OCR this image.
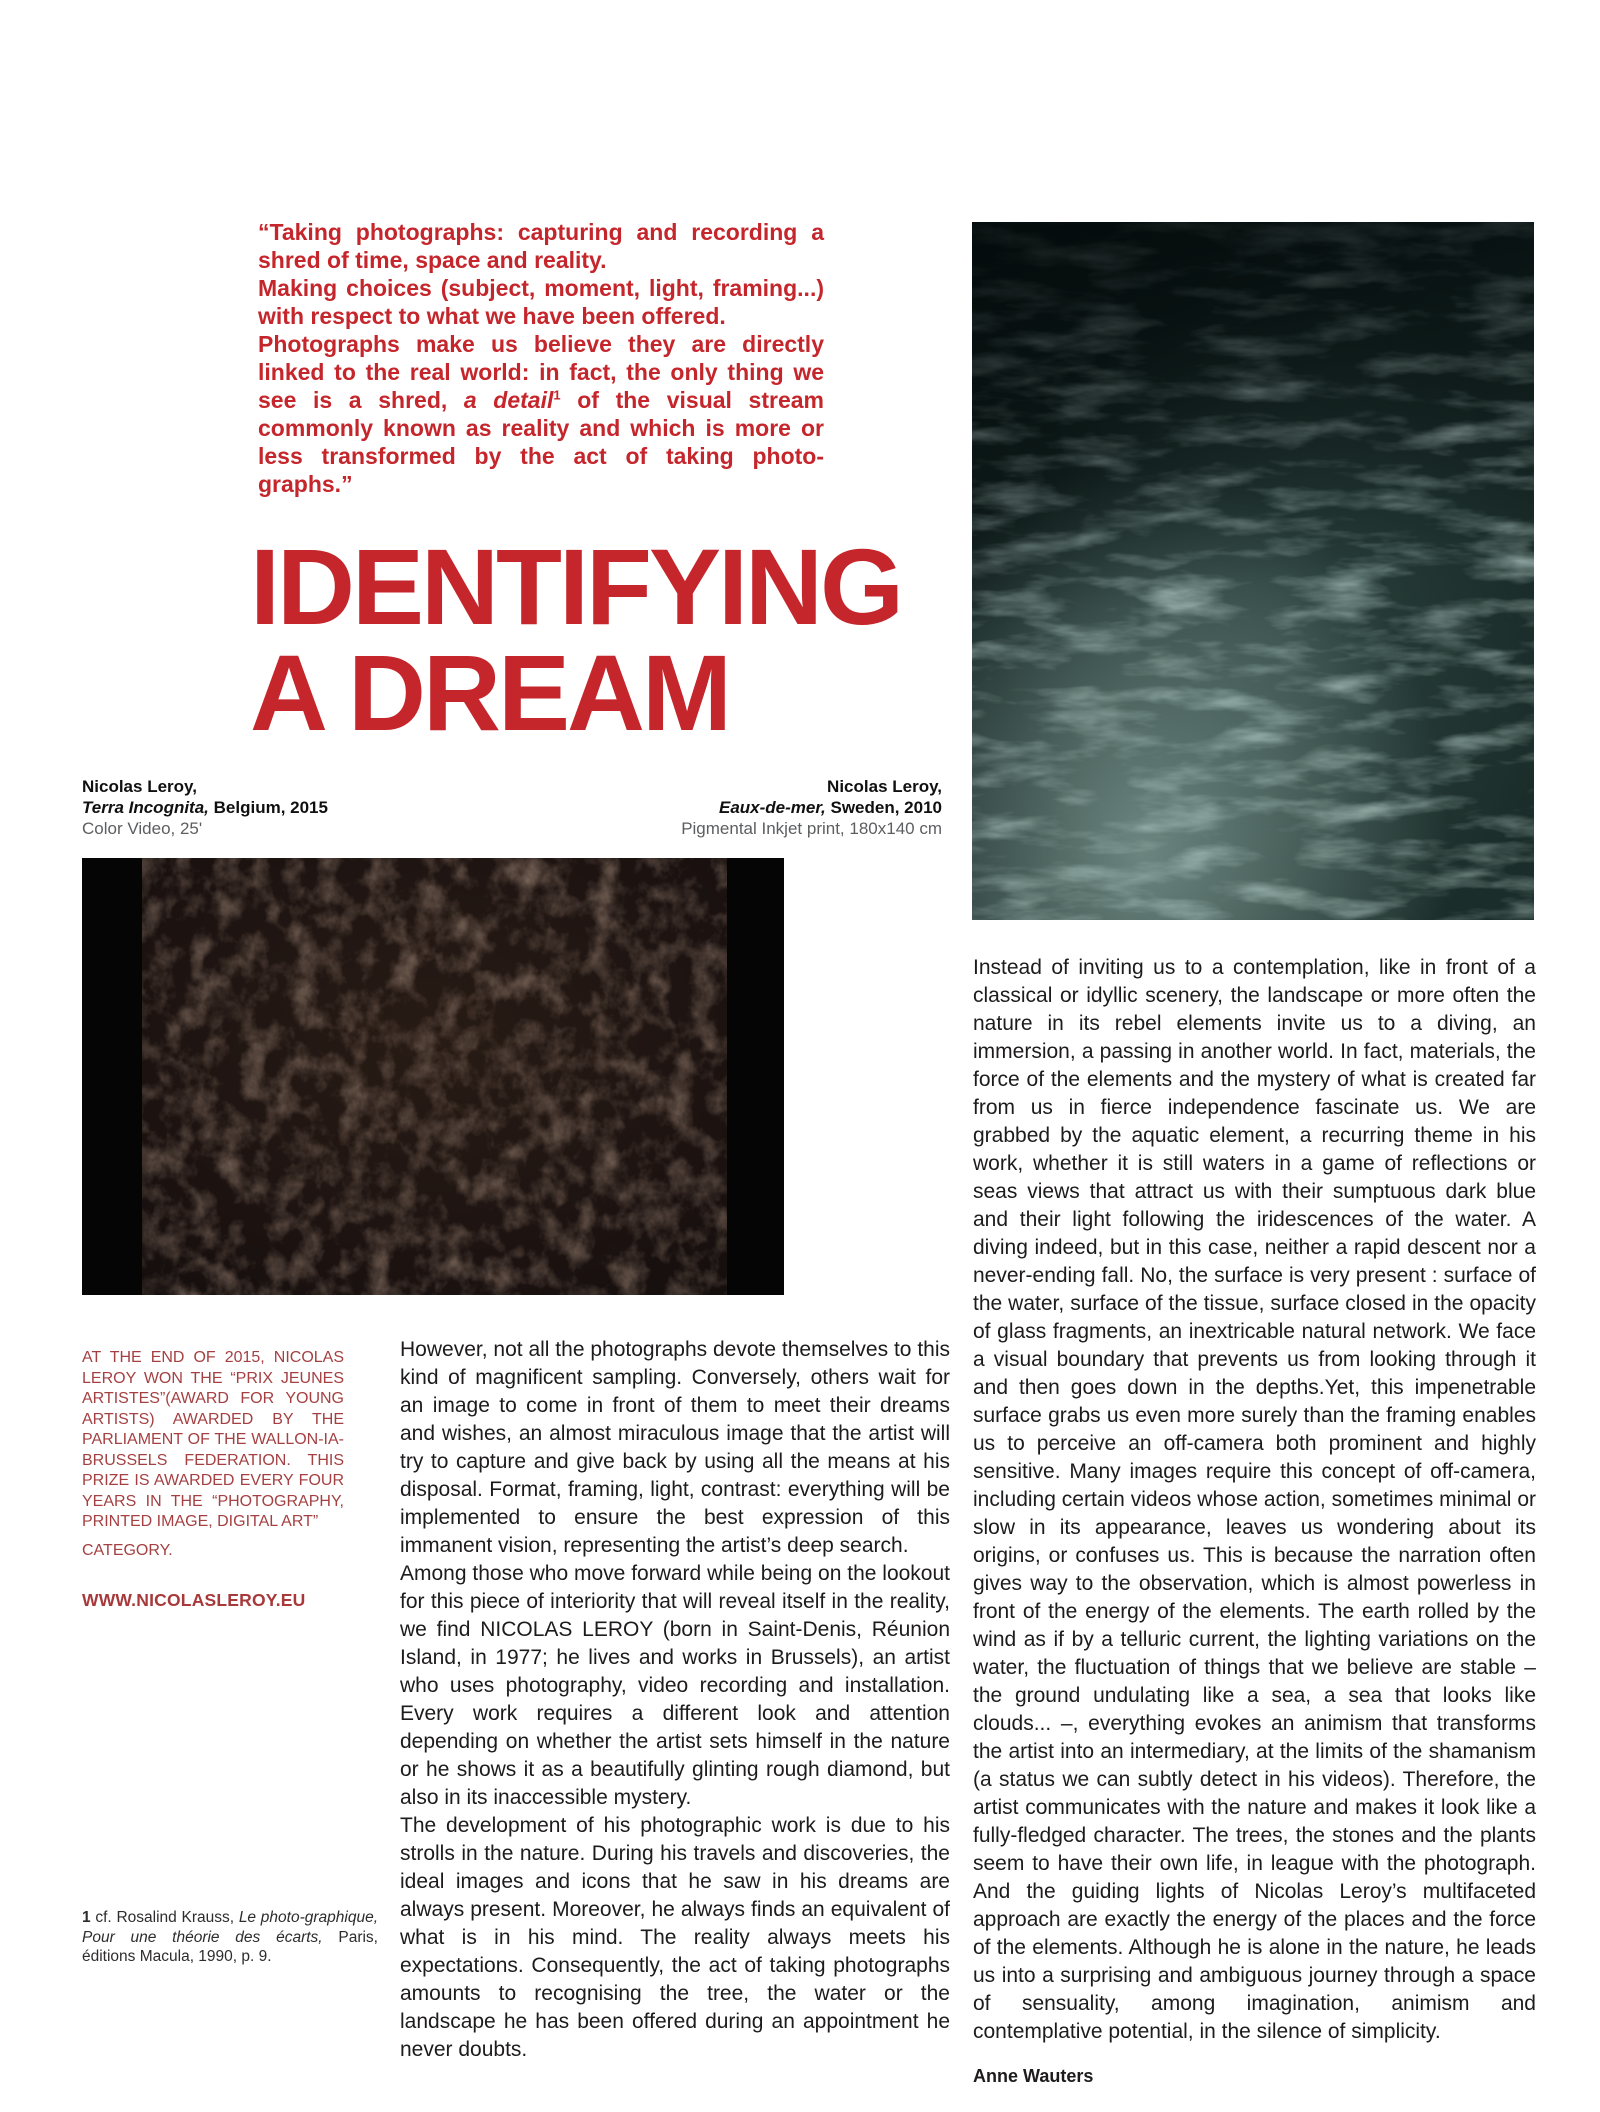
“Taking photographs: capturing and recording a shred of time, space and reality.

Making choices (subject, moment, light, framing...) with respect to what we have been offered.

Photographs make us believe they are directly linked to the real world: in fact, the only thing we see is a shred, a detail$^1$ of the visual stream commonly known as reality and which is more or less transformed by the act of taking photo-graphs.”

IDENTIFYING
A DREAM
Nicolas Leroy,
Terra Incognita, Belgium, 2015
Color Video, 25'
Nicolas Leroy,
Eaux-de-mer, Sweden, 2010
Pigmental Inkjet print, 180x140 cm

AT THE END OF 2015, NICOLAS LEROY WON THE “PRIX JEUNES ARTISTES”(AWARD FOR YOUNG ARTISTS) AWARDED BY THE PARLIAMENT OF THE WALLON-IA-BRUSSELS FEDERATION. THIS PRIZE IS AWARDED EVERY FOUR YEARS IN THE “PHOTOGRAPHY, PRINTED IMAGE, DIGITAL ART”

CATEGORY.

WWW.NICOLASLEROY.EU

However, not all the photographs devote themselves to this kind of magnificent sampling. Conversely, others wait for an image to come in front of them to meet their dreams and wishes, an almost miraculous image that the artist will try to capture and give back by using all the means at his disposal. Format, framing, light, contrast: everything will be implemented to ensure the best expression of this immanent vision, representing the artist’s deep search.

Among those who move forward while being on the lookout for this piece of interiority that will reveal itself in the reality, we find NICOLAS LEROY (born in Saint-Denis, Réunion Island, in 1977; he lives and works in Brussels), an artist who uses photography, video recording and installation. Every work requires a different look and attention depending on whether the artist sets himself in the nature or he shows it as a beautifully glinting rough diamond, but also in its inaccessible mystery.

The development of his photographic work is due to his strolls in the nature. During his travels and discoveries, the ideal images and icons that he saw in his dreams are always present. Moreover, he always finds an equivalent of what is in his mind. The reality always meets his expectations. Consequently, the act of taking photographs amounts to recognising the tree, the water or the landscape he has been offered during an appointment he never doubts.

Instead of inviting us to a contemplation, like in front of a classical or idyllic scenery, the landscape or more often the nature in its rebel elements invite us to a diving, an immersion, a passing in another world. In fact, materials, the force of the elements and the mystery of what is created far from us in fierce independence fascinate us. We are grabbed by the aquatic element, a recurring theme in his work, whether it is still waters in a game of reflections or seas views that attract us with their sumptuous dark blue and their light following the iridescences of the water. A diving indeed, but in this case, neither a rapid descent nor a never-ending fall. No, the surface is very present : surface of the water, surface of the tissue, surface closed in the opacity of glass fragments, an inextricable natural network. We face a visual boundary that prevents us from looking through it and then goes down in the depths.Yet, this impenetrable surface grabs us even more surely than the framing enables us to perceive an off-camera both prominent and highly sensitive. Many images require this concept of off-camera, including certain videos whose action, sometimes minimal or slow in its appearance, leaves us wondering about its origins, or confuses us. This is because the narration often gives way to the observation, which is almost powerless in front of the energy of the elements. The earth rolled by the wind as if by a telluric current, the lighting variations on the water, the fluctuation of things that we believe are stable – the ground undulating like a sea, a sea that looks like clouds... –, everything evokes an animism that transforms the artist into an intermediary, at the limits of the shamanism (a status we can subtly detect in his videos). Therefore, the artist communicates with the nature and makes it look like a fully-fledged character. The trees, the stones and the plants seem to have their own life, in league with the photograph. And the guiding lights of Nicolas Leroy’s multifaceted approach are exactly the energy of the places and the force of the elements. Although he is alone in the nature, he leads us into a surprising and ambiguous journey through a space of sensuality, among imagination, animism and contemplative potential, in the silence of simplicity.

Anne Wauters

1 cf. Rosalind Krauss, Le photo-graphique, Pour une théorie des écarts, Paris, éditions Macula, 1990, p. 9.
